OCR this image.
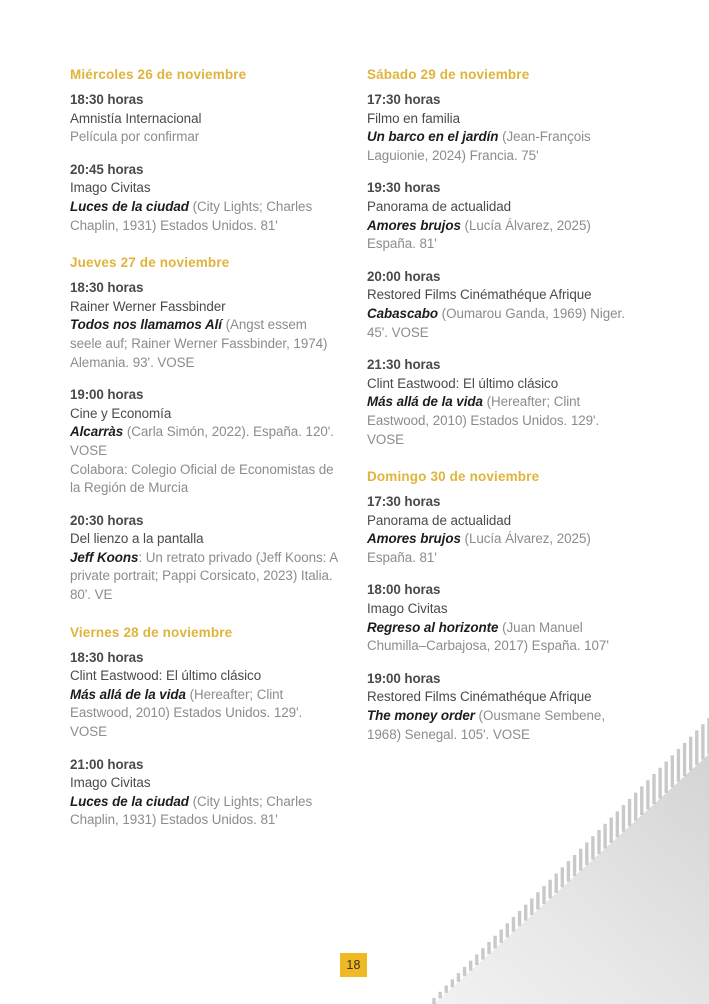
Miércoles 26 de noviembre
18:30 horas
Amnistía Internacional
Película por confirmar
20:45 horas
Imago Civitas
Luces de la ciudad (City Lights; Charles Chaplin, 1931) Estados Unidos. 81'
Jueves 27 de noviembre
18:30 horas
Rainer Werner Fassbinder
Todos nos llamamos Alí (Angst essem seele auf; Rainer Werner Fassbinder, 1974) Alemania. 93'. VOSE
19:00 horas
Cine y Economía
Alcarràs (Carla Simón, 2022). España. 120'. VOSE
Colabora: Colegio Oficial de Economistas de la Región de Murcia
20:30 horas
Del lienzo a la pantalla
Jeff Koons: Un retrato privado (Jeff Koons: A private portrait; Pappi Corsicato, 2023) Italia. 80'. VE
Viernes 28 de noviembre
18:30 horas
Clint Eastwood: El último clásico
Más allá de la vida (Hereafter; Clint Eastwood, 2010) Estados Unidos. 129'. VOSE
21:00 horas
Imago Civitas
Luces de la ciudad (City Lights; Charles Chaplin, 1931) Estados Unidos. 81'
Sábado 29 de noviembre
17:30 horas
Filmo en familia
Un barco en el jardín (Jean-François Laguionie, 2024) Francia. 75'
19:30 horas
Panorama de actualidad
Amores brujos (Lucía Álvarez, 2025) España. 81'
20:00 horas
Restored Films Cinémathéque Afrique
Cabascabo (Oumarou Ganda, 1969) Niger. 45'. VOSE
21:30 horas
Clint Eastwood: El último clásico
Más allá de la vida (Hereafter; Clint Eastwood, 2010) Estados Unidos. 129'. VOSE
Domingo 30 de noviembre
17:30 horas
Panorama de actualidad
Amores brujos (Lucía Álvarez, 2025) España. 81'
18:00 horas
Imago Civitas
Regreso al horizonte (Juan Manuel Chumilla–Carbajosa, 2017) España. 107'
19:00 horas
Restored Films Cinémathéque Afrique
The money order (Ousmane Sembene, 1968) Senegal. 105'. VOSE
18
